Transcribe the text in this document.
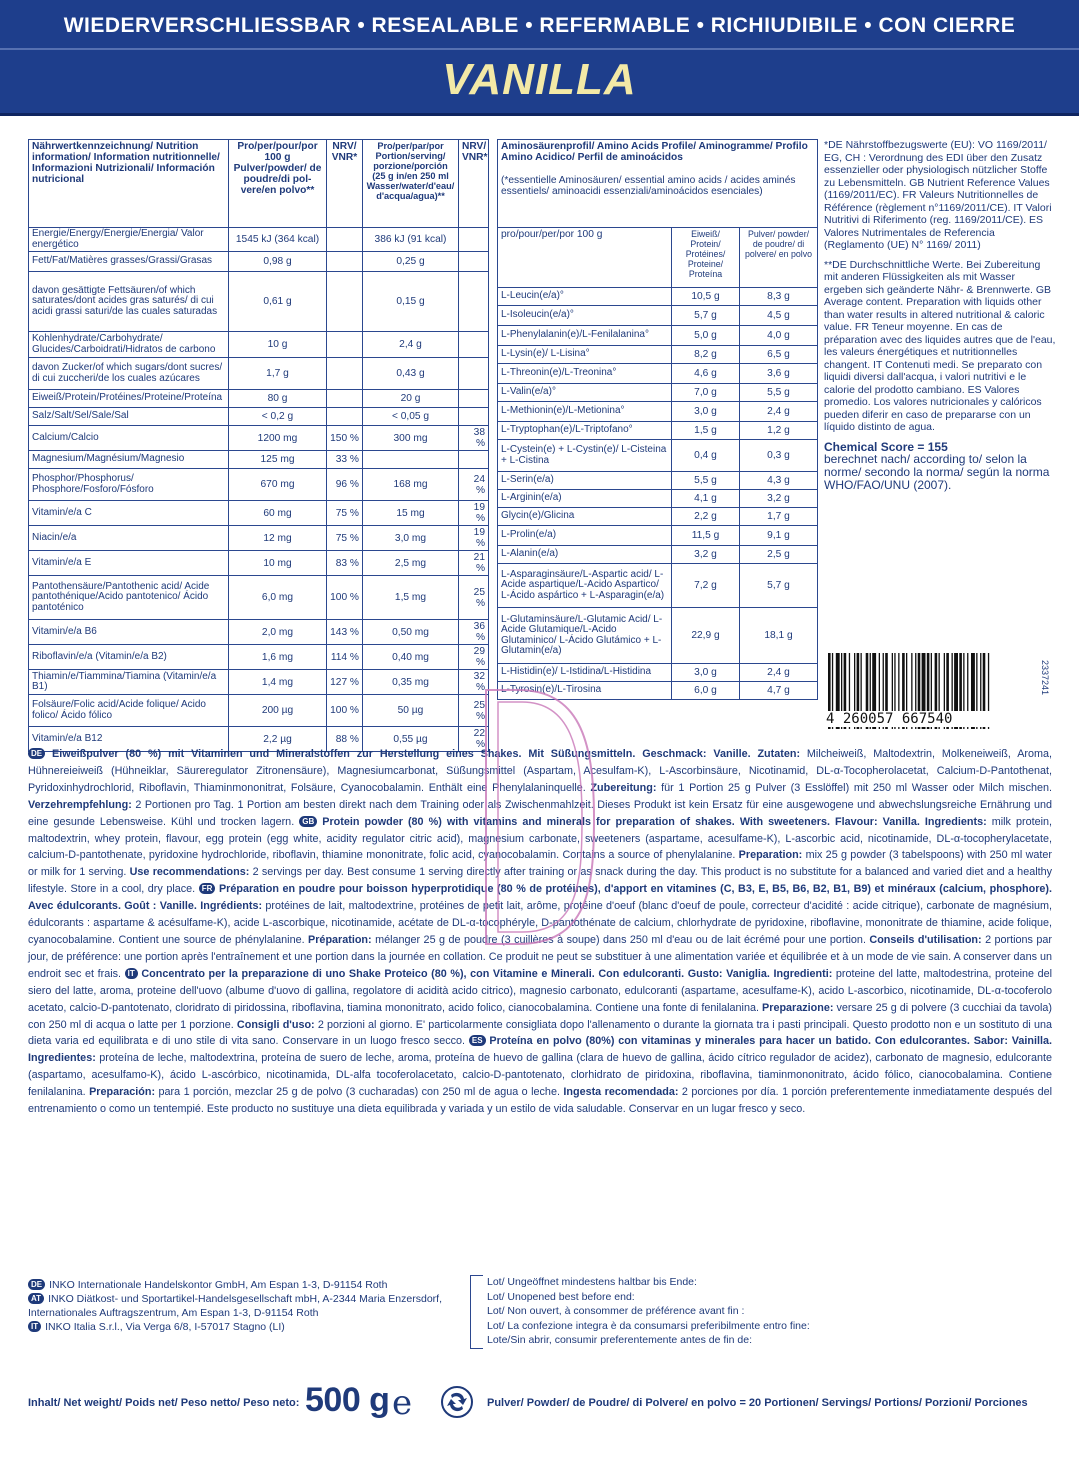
WIEDERVERSCHLIESSBAR • RESEALABLE • REFERMABLE • RICHIUDIBILE • CON CIERRE
VANILLA
Nährwertkennzeichnung/ Nutrition information/ Information nutritionnelle/ Informazioni Nutrizionali/ Información nutricional	Pro/per/pour/por 100 g Pulver/powder/ de poudre/di pol- vere/en polvo**	NRV/ VNR*	Pro/per/par/por Portion/serving/ porzione/porción (25 g in/en 250 ml Wasser/water/d'eau/ d'acqua/agua)**	NRV/ VNR*
Energie/Energy/Énergie/Energia/ Valor energético	1545 kJ (364 kcal)		386 kJ (91 kcal)	
Fett/Fat/Matières grasses/Grassi/Grasas	0,98 g		0,25 g	
davon gesättigte Fettsäuren/of which saturates/dont acides gras saturés/ di cui acidi grassi saturi/de las cuales saturadas	0,61 g		0,15 g	
Kohlenhydrate/Carbohydrate/ Glucides/Carboidrati/Hidratos de carbono	10 g		2,4 g	
davon Zucker/of which sugars/dont sucres/ di cui zuccheri/de los cuales azúcares	1,7 g		0,43 g	
Eiweiß/Protein/Protéines/Proteine/Proteína	80 g		20 g	
Salz/Salt/Sel/Sale/Sal	< 0,2 g		< 0,05 g	
Calcium/Calcio	1200 mg	150 %	300 mg	38 %
Magnesium/Magnésium/Magnesio	125 mg	33 %		
Phosphor/Phosphorus/ Phosphore/Fosforo/Fósforo	670 mg	96 %	168 mg	24 %
Vitamin/e/a C	60 mg	75 %	15 mg	19 %
Niacin/e/a	12 mg	75 %	3,0 mg	19 %
Vitamin/e/a E	10 mg	83 %	2,5 mg	21 %
Pantothensäure/Pantothenic acid/ Acide pantothénique/Acido pantotenico/ Ácido pantoténico	6,0 mg	100 %	1,5 mg	25 %
Vitamin/e/a B6	2,0 mg	143 %	0,50 mg	36 %
Riboflavin/e/a (Vitamin/e/a B2)	1,6 mg	114 %	0,40 mg	29 %
Thiamin/e/Tiammina/Tiamina (Vitamin/e/a B1)	1,4 mg	127 %	0,35 mg	32 %
Folsäure/Folic acid/Acide folique/ Acido folico/ Ácido fólico	200 µg	100 %	50 µg	25 %
Vitamin/e/a B12	2,2 µg	88 %	0,55 µg	22 %
Aminosäurenprofil/ Amino Acids Profile/ Aminogramme/ Profilo Amino Acidico/ Perfil de aminoácidos
(*essentielle Aminosäuren/ essential amino acids / acides aminés essentiels/ aminoacidi essenziali/aminoácidos esenciales)		

pro/pour/per/por 100 g	Eiweiß/ Protein/ Protéines/ Proteine/ Proteína	Pulver/ powder/ de poudre/ di polvere/ en polvo
L-Leucin(e/a)°	10,5 g	8,3 g
L-Isoleucin(e/a)°	5,7 g	4,5 g
L-Phenylalanin(e)/L-Fenilalanina°	5,0 g	4,0 g
L-Lysin(e)/ L-Lisina°	8,2 g	6,5 g
L-Threonin(e)/L-Treonina°	4,6 g	3,6 g
L-Valin(e/a)°	7,0 g	5,5 g
L-Methionin(e)/L-Metionina°	3,0 g	2,4 g
L-Tryptophan(e)/L-Triptofano°	1,5 g	1,2 g
L-Cystein(e) + L-Cystin(e)/ L-Cisteina + L-Cistina	0,4 g	0,3 g
L-Serin(e/a)	5,5 g	4,3 g
L-Arginin(e/a)	4,1 g	3,2 g
Glycin(e)/Glicina	2,2 g	1,7 g
L-Prolin(e/a)	11,5 g	9,1 g
L-Alanin(e/a)	3,2 g	2,5 g
L-Asparaginsäure/L-Aspartic acid/ L-Acide aspartique/L-Acido Aspartico/ L-Ácido aspártico + L-Asparagin(e/a)	7,2 g	5,7 g
L-Glutaminsäure/L-Glutamic Acid/ L-Acide Glutamique/L-Acido Glutaminico/ L-Ácido Glutámico + L-Glutamin(e/a)	22,9 g	18,1 g
L-Histidin(e)/ L-Istidina/L-Histidina	3,0 g	2,4 g
L-Tyrosin(e)/L-Tirosina	6,0 g	4,7 g

*DE Nährstoffbezugswerte (EU): VO 1169/2011/ EG, CH : Verordnung des EDI über den Zusatz essenzieller oder physiologisch nützlicher Stoffe zu Lebensmitteln. GB Nutrient Reference Values (1169/2011/EC). FR Valeurs Nutritionnelles de Référence (règlement n°1169/2011/CE). IT Valori Nutritivi di Riferimento (reg. 1169/2011/CE). ES Valores Nutrimentales de Referencia (Reglamento (UE) N° 1169/ 2011)

**DE Durchschnittliche Werte. Bei Zubereitung mit anderen Flüssigkeiten als mit Wasser ergeben sich geänderte Nähr- & Brennwerte. GB Average content. Preparation with liquids other than water results in altered nutritional & caloric value. FR Teneur moyenne. En cas de préparation avec des liquides autres que de l'eau, les valeurs énergétiques et nutritionnelles changent. IT Contenuti medi. Se preparato con liquidi diversi dall'acqua, i valori nutritivi e le calorie del prodotto cambiano. ES Valores promedio. Los valores nutricionales y calóricos pueden diferir en caso de prepararse con un líquido distinto de agua.

Chemical Score = 155

berechnet nach/ according to/ selon la norme/ secondo la norma/ según la norma WHO/FAO/UNU (2007).

4 260057 667540
2337241
DE Eiweißpulver (80 %) mit Vitaminen und Mineralstoffen zur Herstellung eines Shakes. Mit Süßungsmitteln. Geschmack: Vanille. Zutaten: Milcheiweiß, Maltodextrin, Molkeneiweiß, Aroma, Hühnereieiweiß (Hühneiklar, Säureregulator Zitronensäure), Magnesiumcarbonat, Süßungsmittel (Aspartam, Acesulfam-K), L-Ascorbinsäure, Nicotinamid, DL-α-Tocopherolacetat, Calcium-D-Pantothenat, Pyridoxinhydrochlorid, Riboflavin, Thiaminmononitrat, Folsäure, Cyanocobalamin. Enthält eine Phenylalaninquelle. Zubereitung: für 1 Portion 25 g Pulver (3 Esslöffel) mit 250 ml Wasser oder Milch mischen. Verzehrempfehlung: 2 Portionen pro Tag. 1 Portion am besten direkt nach dem Training oder als Zwischenmahlzeit. Dieses Produkt ist kein Ersatz für eine ausgewogene und abwechslungsreiche Ernährung und eine gesunde Lebensweise. Kühl und trocken lagern. GB Protein powder (80 %) with vitamins and minerals for preparation of shakes. With sweeteners. Flavour: Vanilla. Ingredients: milk protein, maltodextrin, whey protein, flavour, egg protein (egg white, acidity regulator citric acid), magnesium carbonate, sweeteners (aspartame, acesulfame-K), L-ascorbic acid, nicotinamide, DL-α-tocopherylacetate, calcium-D-pantothenate, pyridoxine hydrochloride, riboflavin, thiamine mononitrate, folic acid, cyanocobalamin. Contains a source of phenylalanine. Preparation: mix 25 g powder (3 tabelspoons) with 250 ml water or milk for 1 serving. Use recommendations: 2 servings per day. Best consume 1 serving directly after training or as snack during the day. This product is no substitute for a balanced and varied diet and a healthy lifestyle. Store in a cool, dry place. FR Préparation en poudre pour boisson hyperprotidique (80 % de protéines), d'apport en vitamines (C, B3, E, B5, B6, B2, B1, B9) et minéraux (calcium, phosphore). Avec édulcorants. Goût : Vanille. Ingrédients: protéines de lait, maltodextrine, protéines de petit lait, arôme, protéine d'oeuf (blanc d'oeuf de poule, correcteur d'acidité : acide citrique), carbonate de magnésium, édulcorants : aspartame & acésulfame-K), acide L-ascorbique, nicotinamide, acétate de DL-α-tocophéryle, D-pantothénate de calcium, chlorhydrate de pyridoxine, riboflavine, mononitrate de thiamine, acide folique, cyanocobalamine. Contient une source de phénylalanine. Préparation: mélanger 25 g de poudre (3 cuillères à soupe) dans 250 ml d'eau ou de lait écrémé pour une portion. Conseils d'utilisation: 2 portions par jour, de préférence: une portion après l'entraînement et une portion dans la journée en collation. Ce produit ne peut se substituer à une alimentation variée et équilibrée et à un mode de vie sain. A conserver dans un endroit sec et frais. IT Concentrato per la preparazione di uno Shake Proteico (80 %), con Vitamine e Minerali. Con edulcoranti. Gusto: Vaniglia. Ingredienti: proteine del latte, maltodestrina, proteine del siero del latte, aroma, proteine dell'uovo (albume d'uovo di gallina, regolatore di acidità acido citrico), magnesio carbonato, edulcoranti (aspartame, acesulfame-K), acido L-ascorbico, nicotinamide, DL-α-tocoferolo acetato, calcio-D-pantotenato, cloridrato di piridossina, riboflavina, tiamina mononitrato, acido folico, cianocobalamina. Contiene una fonte di fenilalanina. Preparazione: versare 25 g di polvere (3 cucchiai da tavola) con 250 ml di acqua o latte per 1 porzione. Consigli d'uso: 2 porzioni al giorno. E' particolarmente consigliata dopo l'allenamento o durante la giornata tra i pasti principali. Questo prodotto non e un sostituto di una dieta varia ed equilibrata e di uno stile di vita sano. Conservare in un luogo fresco secco. ES Proteína en polvo (80%) con vitaminas y minerales para hacer un batido. Con edulcorantes. Sabor: Vainilla. Ingredientes: proteína de leche, maltodextrina, proteína de suero de leche, aroma, proteína de huevo de gallina (clara de huevo de gallina, ácido cítrico regulador de acidez), carbonato de magnesio, edulcorante (aspartamo, acesulfamo-K), ácido L-ascórbico, nicotinamida, DL-alfa tocoferolacetato, calcio-D-pantotenato, clorhidrato de piridoxina, riboflavina, tiaminmononitrato, ácido fólico, cianocobalamina. Contiene fenilalanina. Preparación: para 1 porción, mezclar 25 g de polvo (3 cucharadas) con 250 ml de agua o leche. Ingesta recomendada: 2 porciones por día. 1 porción preferentemente inmediatamente después del entrenamiento o como un tentempié. Este producto no sustituye una dieta equilibrada y variada y un estilo de vida saludable. Conservar en un lugar fresco y seco.
DE INKO Internationale Handelskontor GmbH, Am Espan 1-3, D-91154 Roth
AT INKO Diätkost- und Sportartikel-Handelsgesellschaft mbH, A-2344 Maria Enzersdorf, Internationales Auftragszentrum, Am Espan 1-3, D-91154 Roth
IT INKO Italia S.r.l., Via Verga 6/8, I-57017 Stagno (LI)
Lot/ Ungeöffnet mindestens haltbar bis Ende:
Lot/ Unopened best before end:
Lot/ Non ouvert, à consommer de préférence avant fin :
Lot/ La confezione integra è da consumarsi preferibilmente entro fine:
Lote/Sin abrir, consumir preferentemente antes de fin de:
Inhalt/ Net weight/ Poids net/ Peso netto/ Peso neto: 500 g e	Pulver/ Powder/ de Poudre/ di Polvere/ en polvo = 20 Portionen/ Servings/ Portions/ Porzioni/ Porciones
